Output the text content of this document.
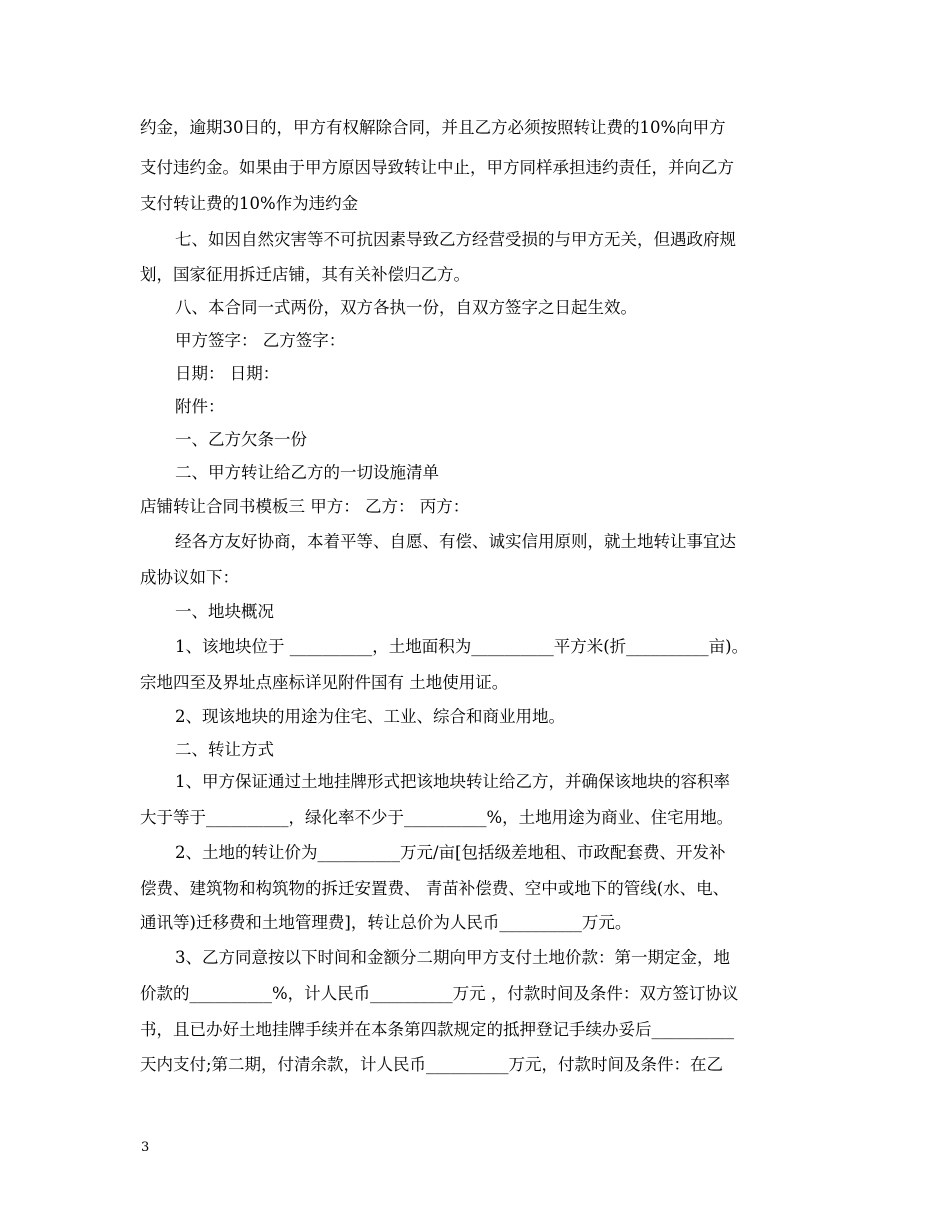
约金，逾期30日的，甲方有权解除合同，并且乙方必须按照转让费的10%向甲方
支付违约金。如果由于甲方原因导致转让中止，甲方同样承担违约责任，并向乙方
支付转让费的10%作为违约金
七、如因自然灾害等不可抗因素导致乙方经营受损的与甲方无关，但遇政府规
划，国家征用拆迁店铺，其有关补偿归乙方。
八、本合同一式两份，双方各执一份，自双方签字之日起生效。
甲方签字： 乙方签字：
日期： 日期：
附件：
一、乙方欠条一份
二、甲方转让给乙方的一切设施清单
店铺转让合同书模板三 甲方： 乙方： 丙方：
经各方友好协商，本着平等、自愿、有偿、诚实信用原则，就土地转让事宜达
成协议如下：
一、地块概况
1、该地块位于 __________，土地面积为__________平方米(折__________亩)。
宗地四至及界址点座标详见附件国有 土地使用证。
2、现该地块的用途为住宅、工业、综合和商业用地。
二、转让方式
1、甲方保证通过土地挂牌形式把该地块转让给乙方，并确保该地块的容积率
大于等于__________，绿化率不少于__________%，土地用途为商业、住宅用地。
2、土地的转让价为__________万元/亩[包括级差地租、市政配套费、开发补
偿费、建筑物和构筑物的拆迁安置费、 青苗补偿费、空中或地下的管线(水、电、
通讯等)迁移费和土地管理费]，转让总价为人民币__________万元。
3、乙方同意按以下时间和金额分二期向甲方支付土地价款：第一期定金，地
价款的__________%，计人民币__________万元 ，付款时间及条件：双方签订协议
书，且已办好土地挂牌手续并在本条第四款规定的抵押登记手续办妥后__________
天内支付;第二期，付清余款，计人民币__________万元，付款时间及条件：在乙
3
